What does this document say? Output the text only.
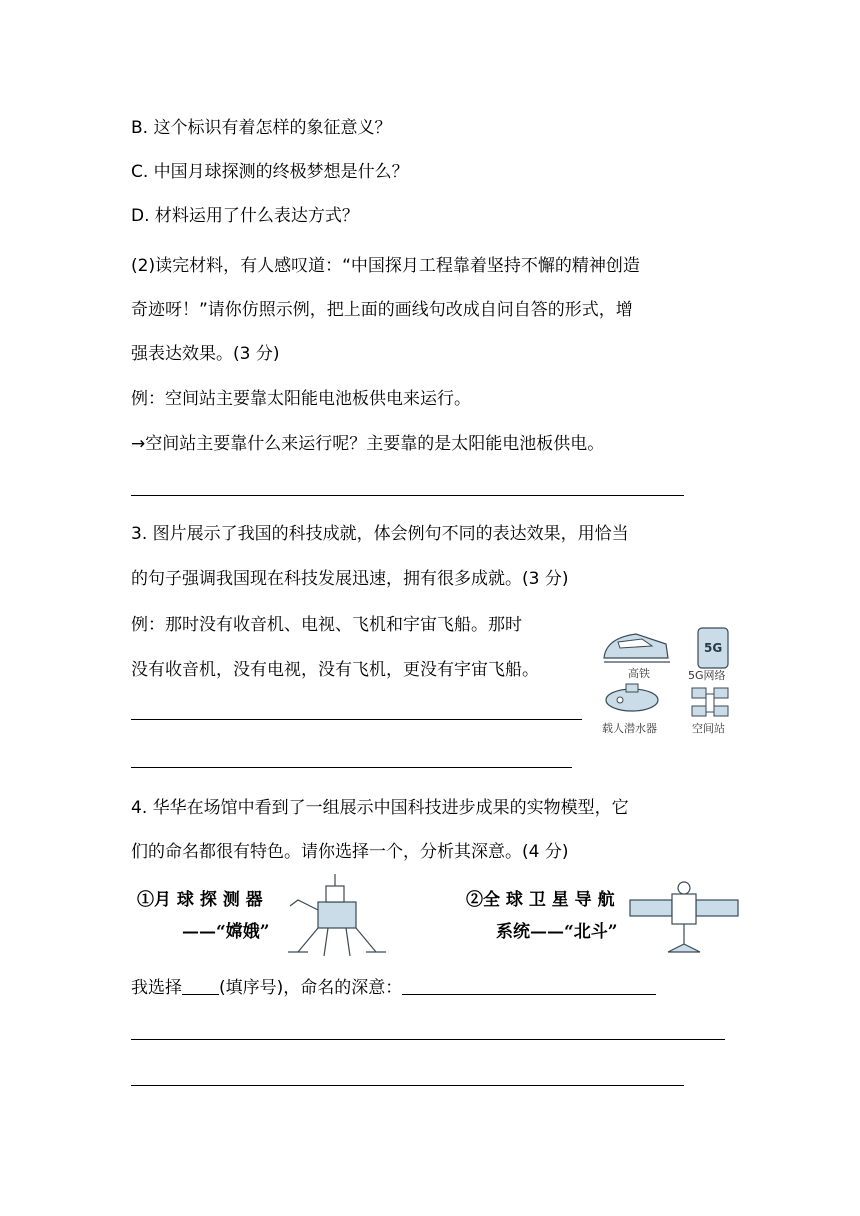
B. 这个标识有着怎样的象征意义？

C. 中国月球探测的终极梦想是什么？

D. 材料运用了什么表达方式？

(2)读完材料，有人感叹道：“中国探月工程靠着坚持不懈的精神创造

奇迹呀！”请你仿照示例，把上面的画线句改成自问自答的形式，增

强表达效果。(3 分)

例：空间站主要靠太阳能电池板供电来运行。

→空间站主要靠什么来运行呢？主要靠的是太阳能电池板供电。

3. 图片展示了我国的科技成就，体会例句不同的表达效果，用恰当

的句子强调我国现在科技发展迅速，拥有很多成就。(3 分)

例：那时没有收音机、电视、飞机和宇宙飞船。那时

没有收音机，没有电视，没有飞机，更没有宇宙飞船。	高铁
5G
5G网络
载人潜水器	空间站

4. 华华在场馆中看到了一组展示中国科技进步成果的实物模型，它

们的命名都很有特色。请你选择一个，分析其深意。(4 分)

①月 球 探 测 器
——“嫦娥”
②全 球 卫 星 导 航
系统——“北斗”

我选择 (填序号)，命名的深意：
